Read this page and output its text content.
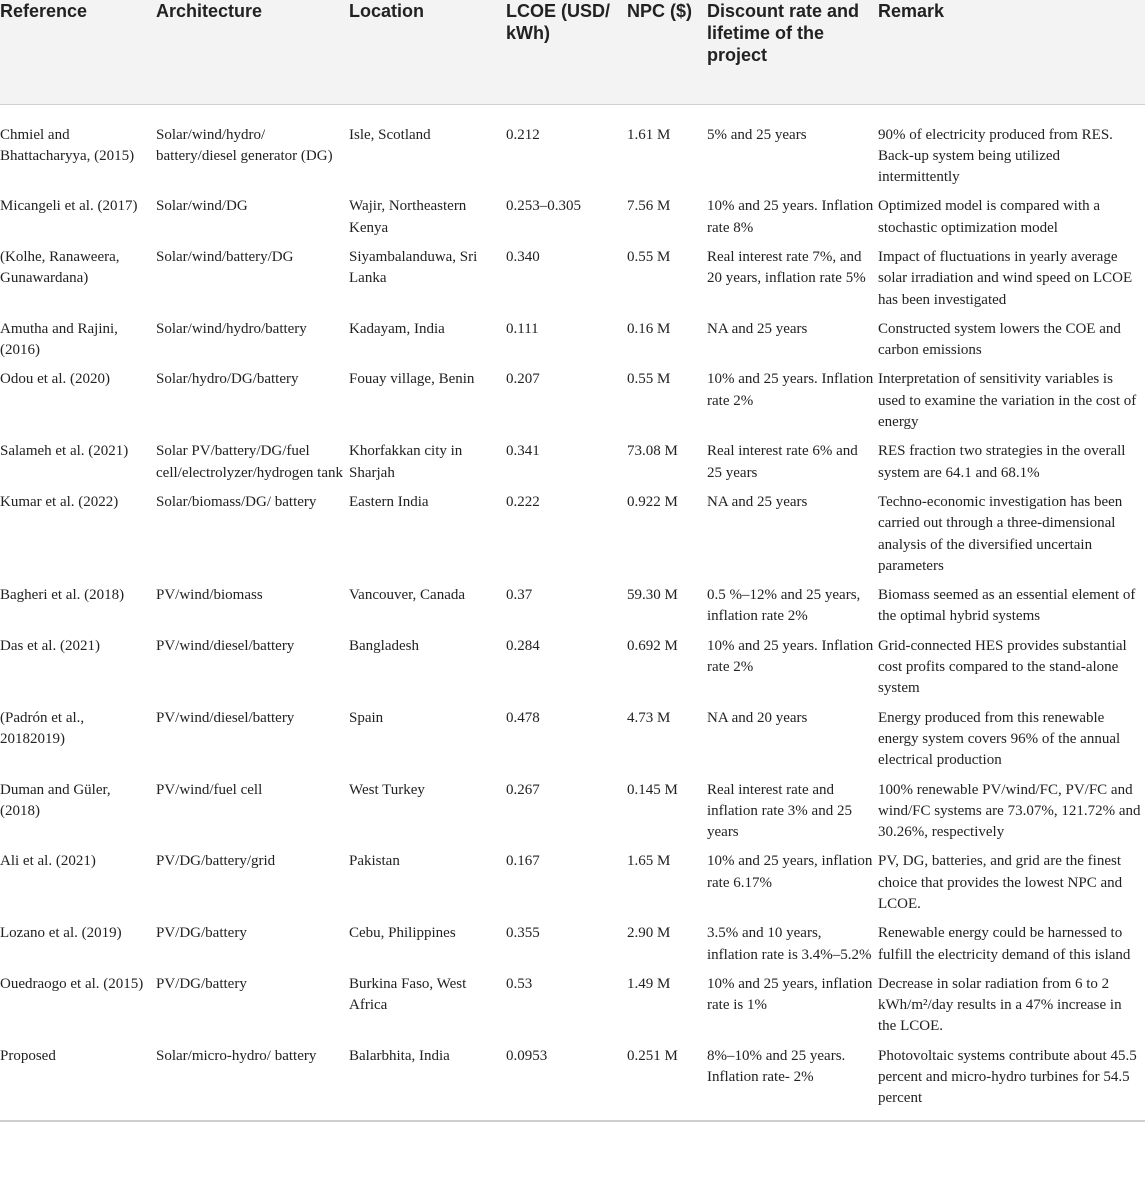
Reference	Architecture	Location	LCOE (USD/ kWh)	NPC ($)	Discount rate and lifetime of the project	Remark
Chmiel and Bhattacharyya, (2015)	Solar/wind/hydro/ battery/diesel generator (DG)	Isle, Scotland	0.212	1.61 M	5% and 25 years	90% of electricity produced from RES. Back-up system being utilized intermittently
Micangeli et al. (2017)	Solar/wind/DG	Wajir, Northeastern Kenya	0.253–0.305	7.56 M	10% and 25 years. Inflation rate 8%	Optimized model is compared with a stochastic optimization model
(Kolhe, Ranaweera, Gunawardana)	Solar/wind/battery/DG	Siyambalanduwa, Sri Lanka	0.340	0.55 M	Real interest rate 7%, and 20 years, inflation rate 5%	Impact of fluctuations in yearly average solar irradiation and wind speed on LCOE has been investigated
Amutha and Rajini, (2016)	Solar/wind/hydro/battery	Kadayam, India	0.111	0.16 M	NA and 25 years	Constructed system lowers the COE and carbon emissions
Odou et al. (2020)	Solar/hydro/DG/battery	Fouay village, Benin	0.207	0.55 M	10% and 25 years. Inflation rate 2%	Interpretation of sensitivity variables is used to examine the variation in the cost of energy
Salameh et al. (2021)	Solar PV/battery/DG/fuel cell/electrolyzer/hydrogen tank	Khorfakkan city in Sharjah	0.341	73.08 M	Real interest rate 6% and 25 years	RES fraction two strategies in the overall system are 64.1 and 68.1%
Kumar et al. (2022)	Solar/biomass/DG/ battery	Eastern India	0.222	0.922 M	NA and 25 years	Techno-economic investigation has been carried out through a three-dimensional analysis of the diversified uncertain parameters
Bagheri et al. (2018)	PV/wind/biomass	Vancouver, Canada	0.37	59.30 M	0.5 %–12% and 25 years, inflation rate 2%	Biomass seemed as an essential element of the optimal hybrid systems
Das et al. (2021)	PV/wind/diesel/battery	Bangladesh	0.284	0.692 M	10% and 25 years. Inflation rate 2%	Grid-connected HES provides substantial cost profits compared to the stand-alone system
(Padrón et al., 20182019)	PV/wind/diesel/battery	Spain	0.478	4.73 M	NA and 20 years	Energy produced from this renewable energy system covers 96% of the annual electrical production
Duman and Güler, (2018)	PV/wind/fuel cell	West Turkey	0.267	0.145 M	Real interest rate and inflation rate 3% and 25 years	100% renewable PV/wind/FC, PV/FC and wind/FC systems are 73.07%, 121.72% and 30.26%, respectively
Ali et al. (2021)	PV/DG/battery/grid	Pakistan	0.167	1.65 M	10% and 25 years, inflation rate 6.17%	PV, DG, batteries, and grid are the finest choice that provides the lowest NPC and LCOE.
Lozano et al. (2019)	PV/DG/battery	Cebu, Philippines	0.355	2.90 M	3.5% and 10 years, inflation rate is 3.4%–5.2%	Renewable energy could be harnessed to fulfill the electricity demand of this island
Ouedraogo et al. (2015)	PV/DG/battery	Burkina Faso, West Africa	0.53	1.49 M	10% and 25 years, inflation rate is 1%	Decrease in solar radiation from 6 to 2 kWh/m²/day results in a 47% increase in the LCOE.
Proposed	Solar/micro-hydro/ battery	Balarbhita, India	0.0953	0.251 M	8%–10% and 25 years. Inflation rate- 2%	Photovoltaic systems contribute about 45.5 percent and micro-hydro turbines for 54.5 percent
